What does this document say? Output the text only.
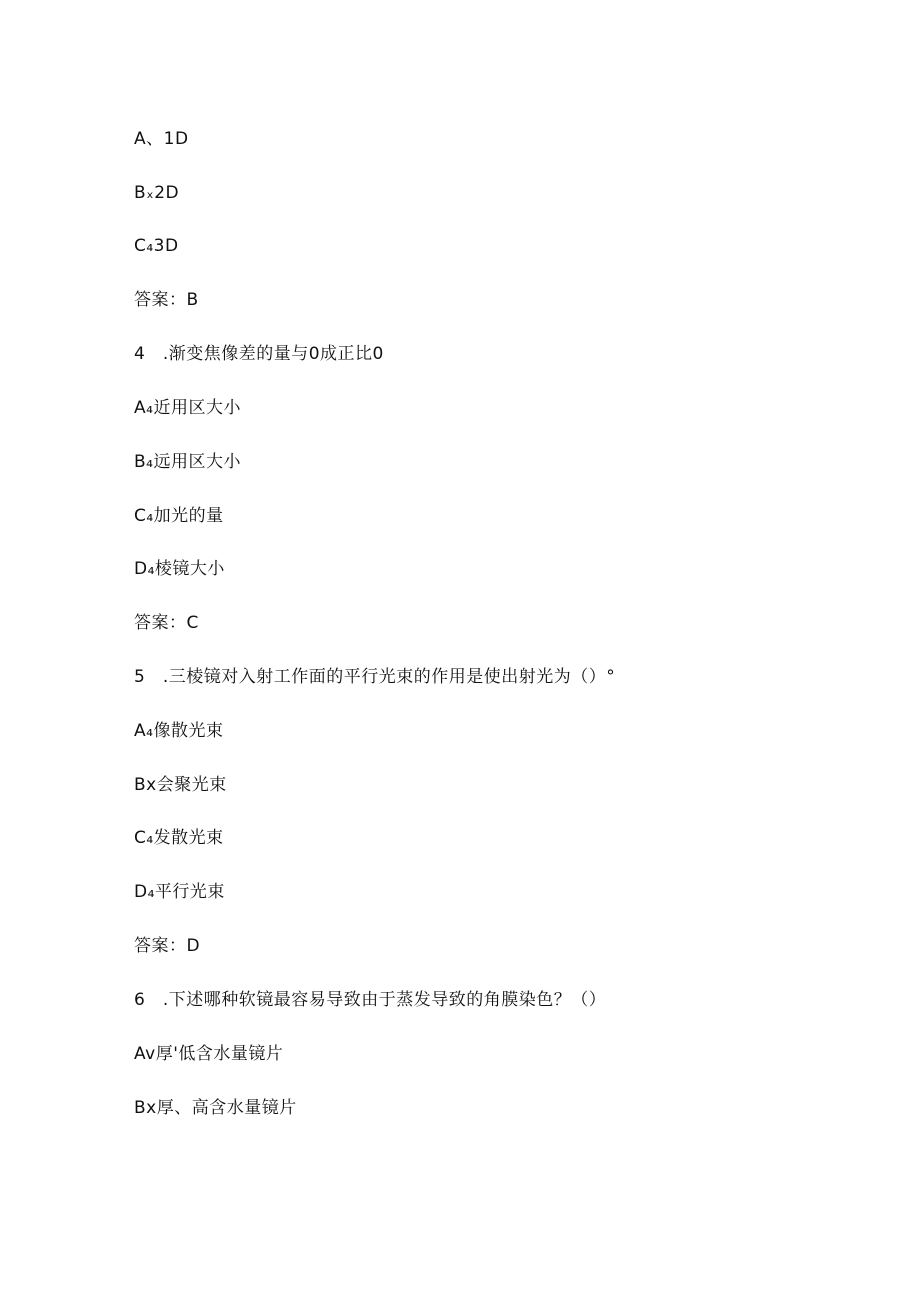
A、1D
Bₓ2D
C₄3D
答案：B
4　.渐变焦像差的量与0成正比0
A₄近用区大小
B₄远用区大小
C₄加光的量
D₄棱镜大小
答案：C
5　.三棱镜对入射工作面的平行光束的作用是使出射光为（）°
A₄像散光束
Bx会聚光束
C₄发散光束
D₄平行光束
答案：D
6　.下述哪种软镜最容易导致由于蒸发导致的角膜染色？（）
Av厚'低含水量镜片
Bx厚、高含水量镜片
